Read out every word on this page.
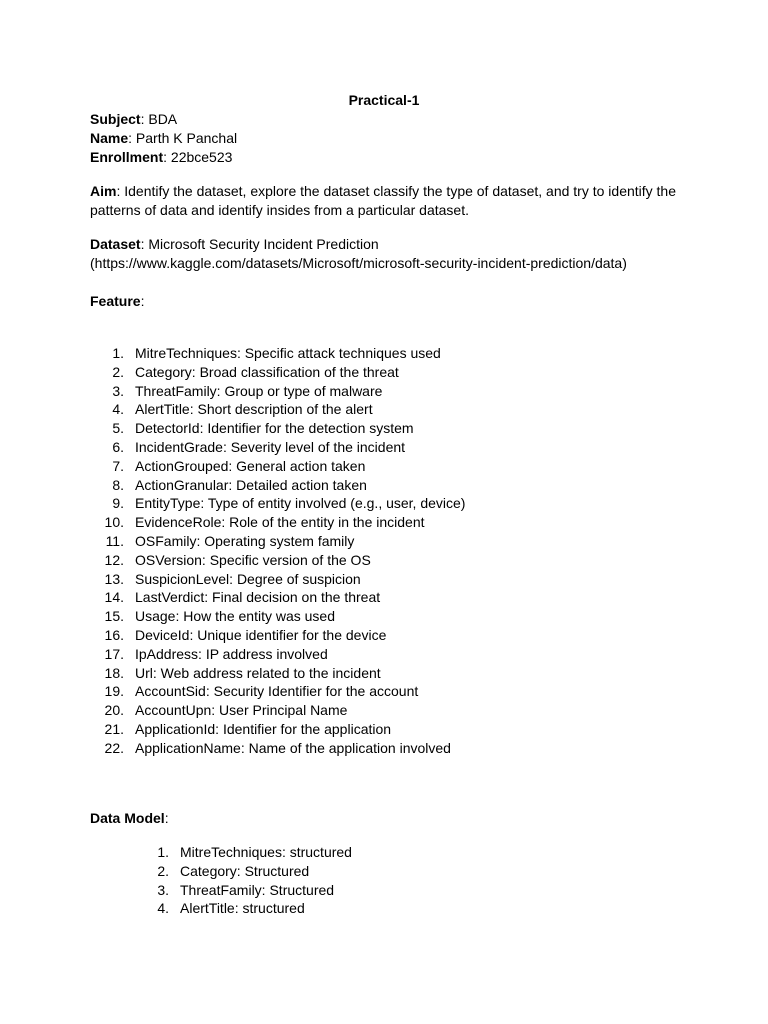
Practical-1
Subject: BDA
Name: Parth K Panchal
Enrollment: 22bce523
Aim: Identify the dataset, explore the dataset classify the type of dataset, and try to identify the patterns of data and identify insides from a particular dataset.
Dataset: Microsoft Security Incident Prediction
(https://www.kaggle.com/datasets/Microsoft/microsoft-security-incident-prediction/data)
Feature:
1. MitreTechniques: Specific attack techniques used
2. Category: Broad classification of the threat
3. ThreatFamily: Group or type of malware
4. AlertTitle: Short description of the alert
5. DetectorId: Identifier for the detection system
6. IncidentGrade: Severity level of the incident
7. ActionGrouped: General action taken
8. ActionGranular: Detailed action taken
9. EntityType: Type of entity involved (e.g., user, device)
10. EvidenceRole: Role of the entity in the incident
11. OSFamily: Operating system family
12. OSVersion: Specific version of the OS
13. SuspicionLevel: Degree of suspicion
14. LastVerdict: Final decision on the threat
15. Usage: How the entity was used
16. DeviceId: Unique identifier for the device
17. IpAddress: IP address involved
18. Url: Web address related to the incident
19. AccountSid: Security Identifier for the account
20. AccountUpn: User Principal Name
21. ApplicationId: Identifier for the application
22. ApplicationName: Name of the application involved
Data Model:
1. MitreTechniques: structured
2. Category: Structured
3. ThreatFamily: Structured
4. AlertTitle: structured
